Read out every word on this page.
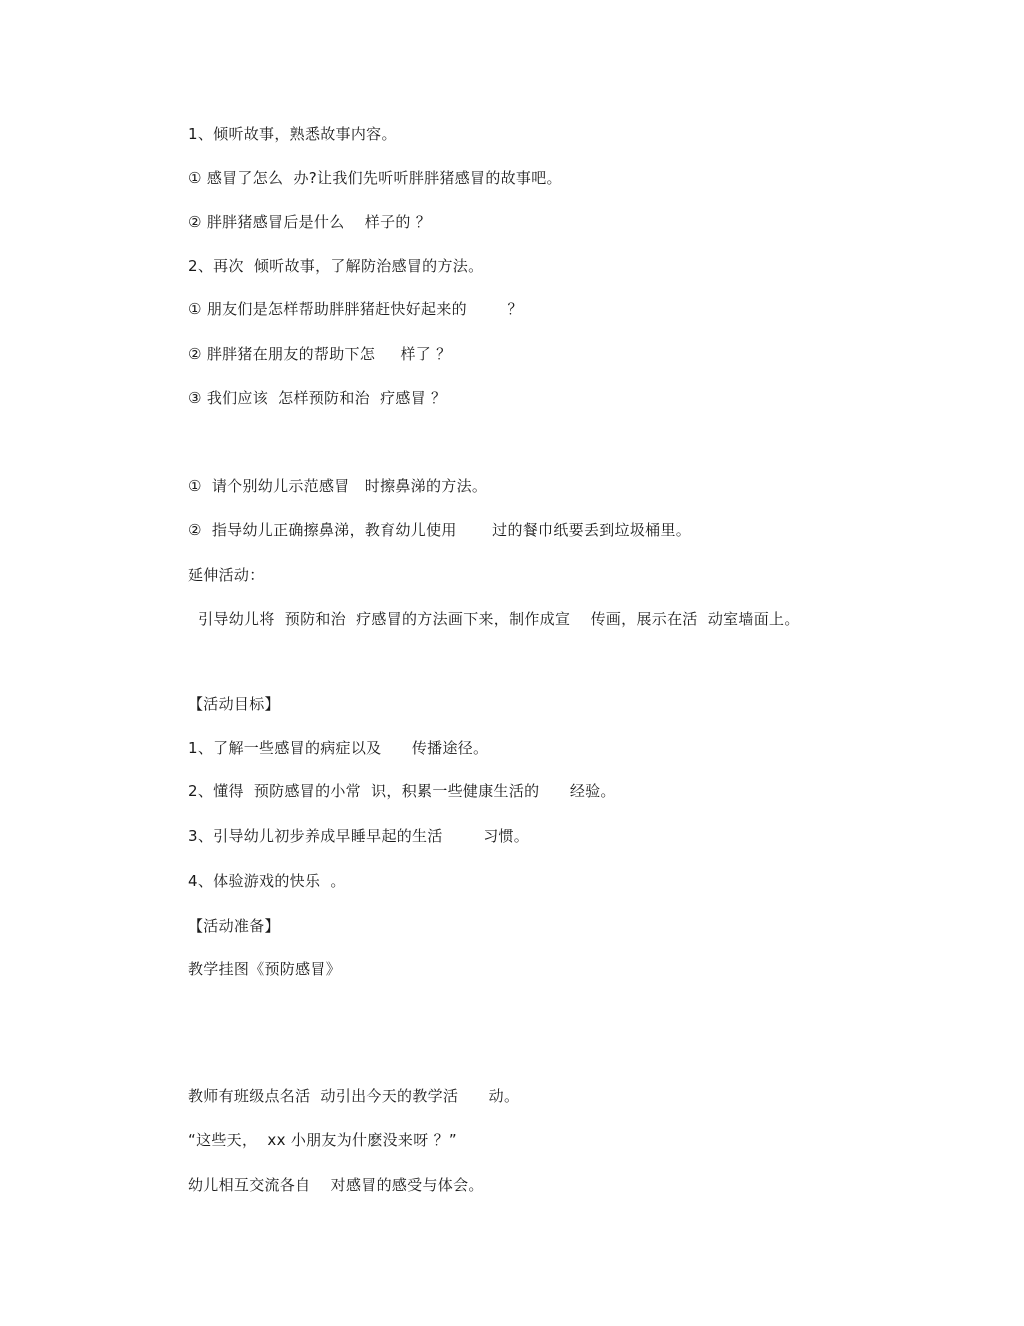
1、倾听故事，熟悉故事内容。
① 感冒了怎么  办?让我们先听听胖胖猪感冒的故事吧。
② 胖胖猪感冒后是什么    样子的 ？
2、再次  倾听故事，了解防治感冒的方法。
① 朋友们是怎样帮助胖胖猪赶快好起来的        ？
② 胖胖猪在朋友的帮助下怎     样了 ？
③ 我们应该  怎样预防和治  疗感冒 ？
①  请个别幼儿示范感冒   时擦鼻涕的方法。
②  指导幼儿正确擦鼻涕，教育幼儿使用       过的餐巾纸要丢到垃圾桶里。
延伸活动：
引导幼儿将  预防和治  疗感冒的方法画下来，制作成宣    传画，展示在活  动室墙面上。
【活动目标】
1、了解一些感冒的病症以及      传播途径。
2、懂得  预防感冒的小常  识，积累一些健康生活的      经验。
3、引导幼儿初步养成早睡早起的生活        习惯。
4、体验游戏的快乐  。
【活动准备】
教学挂图《预防感冒》
教师有班级点名活  动引出今天的教学活      动。
“这些天，  xx 小朋友为什麽没来呀 ？”
幼儿相互交流各自    对感冒的感受与体会。
